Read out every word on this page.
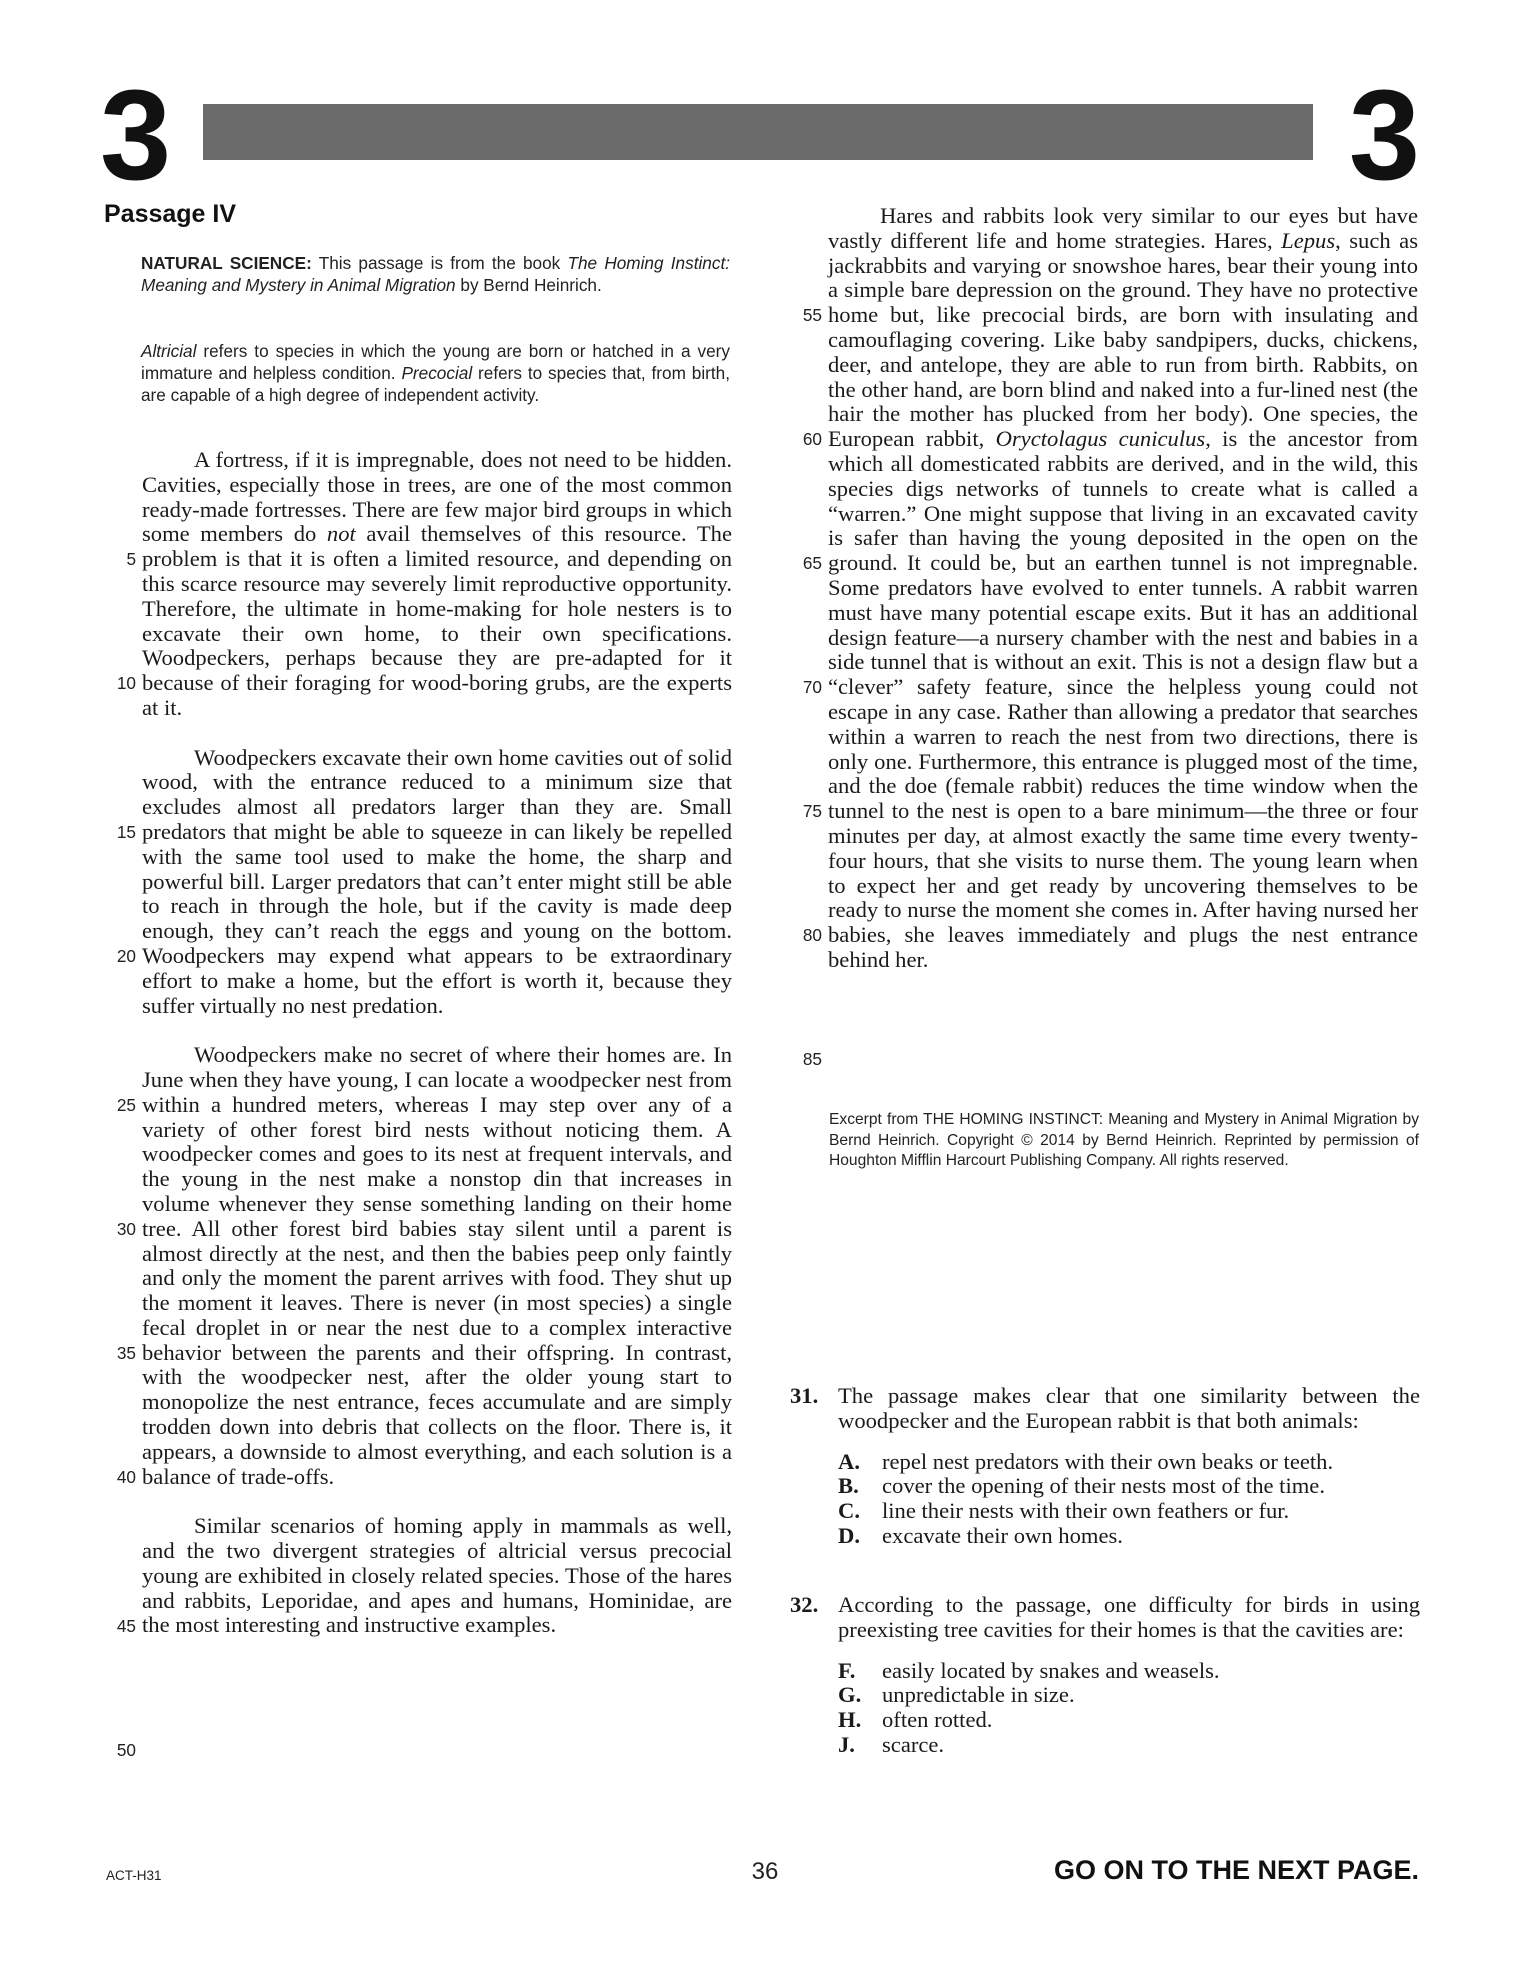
3	3
Passage IV

NATURAL SCIENCE: This passage is from the book The Homing Instinct: Meaning and Mystery in Animal Migration by Bernd Heinrich.

Altricial refers to species in which the young are born or hatched in a very immature and helpless condition. Precocial refers to species that, from birth, are capable of a high degree of independent activity.

5
10
15
20
25
30
35
40
45
50
55
60
65
70
75
80
85

A fortress, if it is impregnable, does not need to be hidden. Cavities, especially those in trees, are one of the most common ready-made fortresses. There are few major bird groups in which some members do not avail themselves of this resource. The problem is that it is often a limited resource, and depending on this scarce resource may severely limit reproductive opportunity. Therefore, the ultimate in home-making for hole nesters is to excavate their own home, to their own specifications. Woodpeckers, perhaps because they are pre-adapted for it because of their foraging for wood-boring grubs, are the experts at it.

Woodpeckers excavate their own home cavities out of solid wood, with the entrance reduced to a minimum size that excludes almost all predators larger than they are. Small predators that might be able to squeeze in can likely be repelled with the same tool used to make the home, the sharp and powerful bill. Larger predators that can’t enter might still be able to reach in through the hole, but if the cavity is made deep enough, they can’t reach the eggs and young on the bottom. Woodpeckers may expend what appears to be extraordinary effort to make a home, but the effort is worth it, because they suffer virtually no nest predation.

Woodpeckers make no secret of where their homes are. In June when they have young, I can locate a woodpecker nest from within a hundred meters, whereas I may step over any of a variety of other forest bird nests without noticing them. A woodpecker comes and goes to its nest at frequent intervals, and the young in the nest make a nonstop din that increases in volume whenever they sense something landing on their home tree. All other forest bird babies stay silent until a parent is almost directly at the nest, and then the babies peep only faintly and only the moment the parent arrives with food. They shut up the moment it leaves. There is never (in most species) a single fecal droplet in or near the nest due to a complex interactive behavior between the parents and their offspring. In contrast, with the woodpecker nest, after the older young start to monopolize the nest entrance, feces accumulate and are simply trodden down into debris that collects on the floor. There is, it appears, a downside to almost everything, and each solution is a balance of trade-offs.

Similar scenarios of homing apply in mammals as well, and the two divergent strategies of altricial versus precocial young are exhibited in closely related species. Those of the hares and rabbits, Leporidae, and apes and humans, Hominidae, are the most interesting and instructive examples.

Hares and rabbits look very similar to our eyes but have vastly different life and home strategies. Hares, Lepus, such as jackrabbits and varying or snowshoe hares, bear their young into a simple bare depression on the ground. They have no protective home but, like precocial birds, are born with insulating and camouflaging covering. Like baby sandpipers, ducks, chickens, deer, and antelope, they are able to run from birth. Rabbits, on the other hand, are born blind and naked into a fur-lined nest (the hair the mother has plucked from her body). One species, the European rabbit, Oryctolagus cuniculus, is the ancestor from which all domesticated rabbits are derived, and in the wild, this species digs networks of tunnels to create what is called a “warren.” One might suppose that living in an excavated cavity is safer than having the young deposited in the open on the ground. It could be, but an earthen tunnel is not impregnable. Some predators have evolved to enter tunnels. A rabbit warren must have many potential escape exits. But it has an additional design feature—a nursery chamber with the nest and babies in a side tunnel that is without an exit. This is not a design flaw but a “clever” safety feature, since the helpless young could not escape in any case. Rather than allowing a predator that searches within a warren to reach the nest from two directions, there is only one. Furthermore, this entrance is plugged most of the time, and the doe (female rabbit) reduces the time window when the tunnel to the nest is open to a bare minimum—the three or four minutes per day, at almost exactly the same time every twenty-four hours, that she visits to nurse them. The young learn when to expect her and get ready by uncovering themselves to be ready to nurse the moment she comes in. After having nursed her babies, she leaves immediately and plugs the nest entrance behind her.

Excerpt from THE HOMING INSTINCT: Meaning and Mystery in Animal Migration by Bernd Heinrich. Copyright © 2014 by Bernd Heinrich. Reprinted by permission of Houghton Mifflin Harcourt Publishing Company. All rights reserved.

31. The passage makes clear that one similarity between the woodpecker and the European rabbit is that both animals:
A. repel nest predators with their own beaks or teeth.
B.	cover the opening of their nests most of the time.
C. line their nests with their own feathers or fur.
D. excavate their own homes.
32. According to the passage, one difficulty for birds in using preexisting tree cavities for their homes is that the cavities are:
F.	easily located by snakes and weasels.
G. unpredictable in size.
H. often rotted.
J.	scarce.
ACT-H31	36	GO ON TO THE NEXT PAGE.
